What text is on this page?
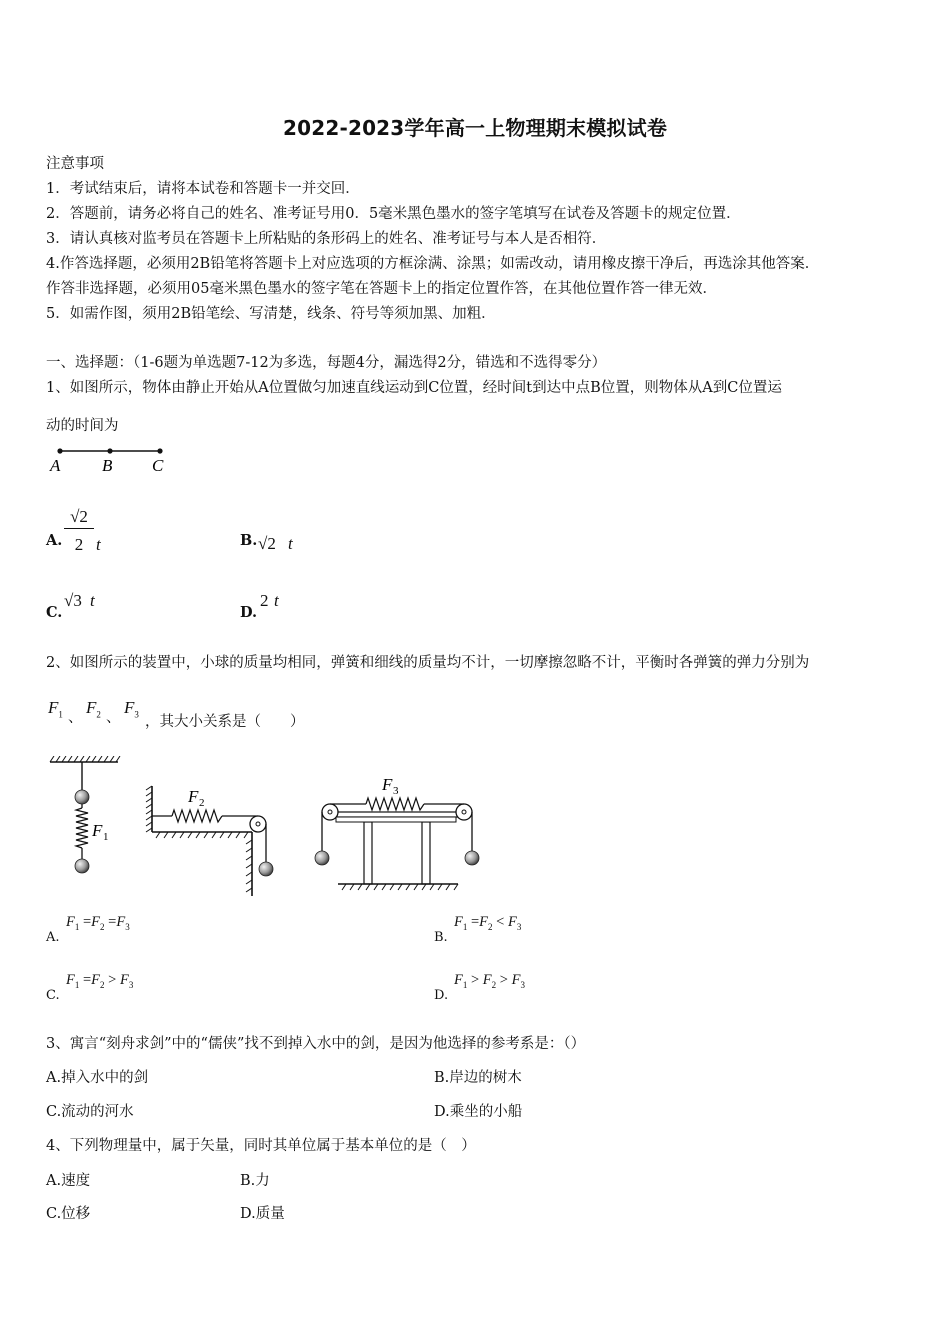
2022-2023学年高一上物理期末模拟试卷
注意事项
1．考试结束后，请将本试卷和答题卡一并交回．
2．答题前，请务必将自己的姓名、准考证号用0．5毫米黑色墨水的签字笔填写在试卷及答题卡的规定位置．
3．请认真核对监考员在答题卡上所粘贴的条形码上的姓名、准考证号与本人是否相符．
4.作答选择题，必须用2B铅笔将答题卡上对应选项的方框涂满、涂黑；如需改动，请用橡皮擦干净后，再选涂其他答案．
作答非选择题，必须用05毫米黑色墨水的签字笔在答题卡上的指定位置作答，在其他位置作答一律无效．
5．如需作图，须用2B铅笔绘、写清楚，线条、符号等须加黑、加粗．
一、选择题：（1-6题为单选题7-12为多选，每题4分，漏选得2分，错选和不选得零分）
1、如图所示，物体由静止开始从A位置做匀加速直线运动到C位置，经时间t到达中点B位置，则物体从A到C位置运
动的时间为
A B C
A.
√2
2 t	B. √2 t
C.
√3 t
D.
2 t
2、如图所示的装置中，小球的质量均相同，弹簧和细线的质量均不计，一切摩擦忽略不计，平衡时各弹簧的弹力分别为
$F_1$ 、
$F_2$ 、
$F_3$ ，其大小关系是（　　）
F 1
F 2
F 3
A.
$F_1 =F_2 =F_3$
B.
$F_1 =F_2 < F_3$
C.
$F_1 =F_2 > F_3$
D.
$F_1 > F_2 > F_3$
3、寓言“刻舟求剑”中的“儒侠”找不到掉入水中的剑，是因为他选择的参考系是：（）
A.掉入水中的剑	B.岸边的树木
C.流动的河水	D.乘坐的小船
4、下列物理量中，属于矢量，同时其单位属于基本单位的是（　）
A.速度	B.力
C.位移	D.质量
